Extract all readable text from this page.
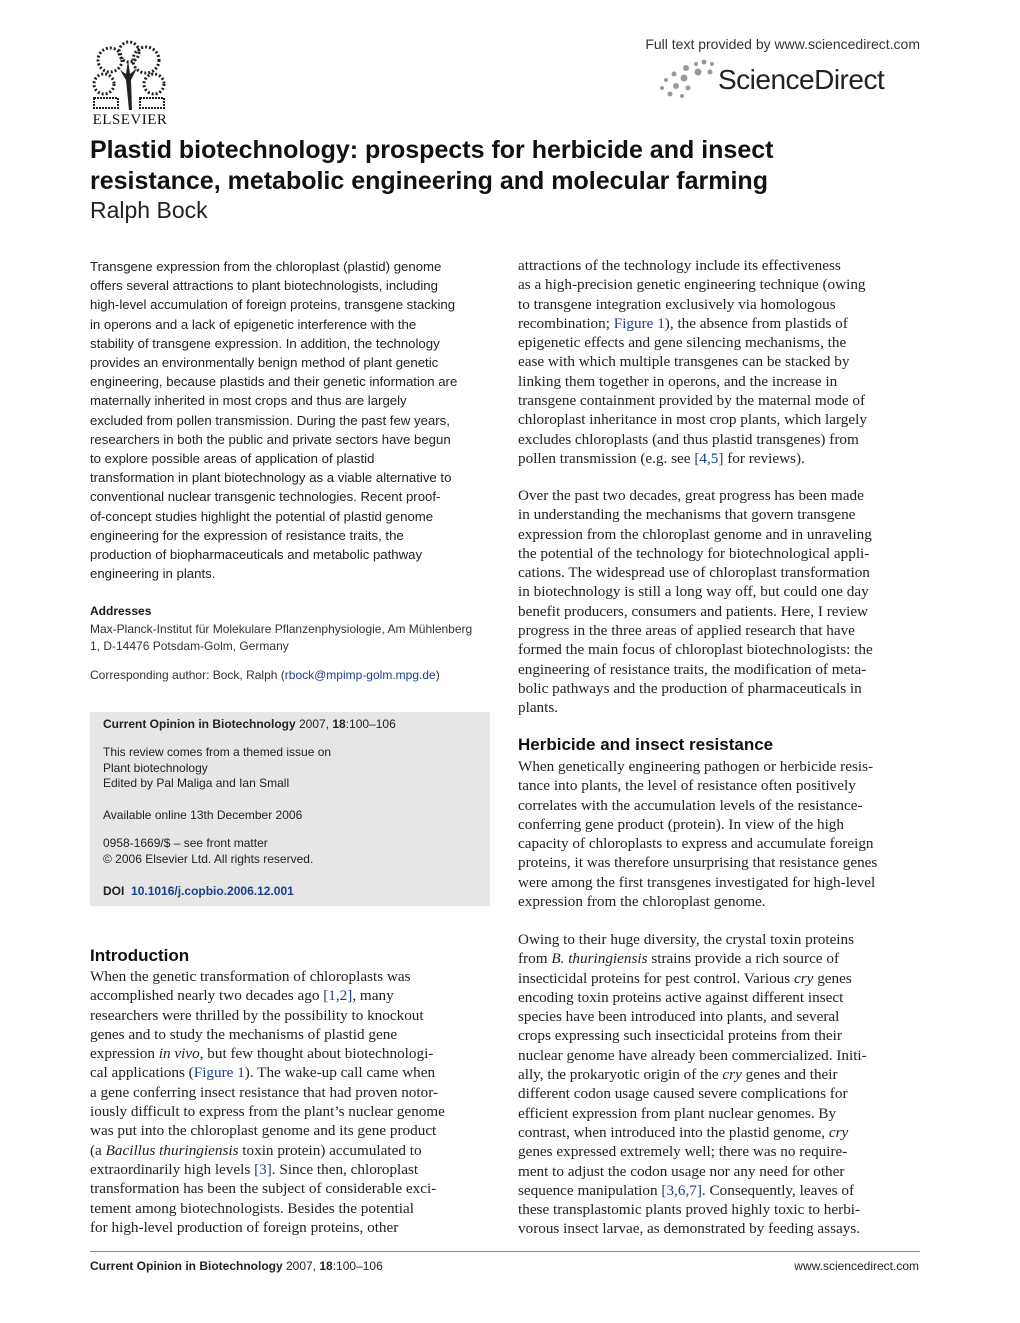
ELSEVIER
Full text provided by www.sciencedirect.com
ScienceDirect
Plastid biotechnology: prospects for herbicide and insect
resistance, metabolic engineering and molecular farming
Ralph Bock
Transgene expression from the chloroplast (plastid) genome
offers several attractions to plant biotechnologists, including
high-level accumulation of foreign proteins, transgene stacking
in operons and a lack of epigenetic interference with the
stability of transgene expression. In addition, the technology
provides an environmentally benign method of plant genetic
engineering, because plastids and their genetic information are
maternally inherited in most crops and thus are largely
excluded from pollen transmission. During the past few years,
researchers in both the public and private sectors have begun
to explore possible areas of application of plastid
transformation in plant biotechnology as a viable alternative to
conventional nuclear transgenic technologies. Recent proof-
of-concept studies highlight the potential of plastid genome
engineering for the expression of resistance traits, the
production of biopharmaceuticals and metabolic pathway
engineering in plants.
Addresses
Max-Planck-Institut für Molekulare Pflanzenphysiologie, Am Mühlenberg
1, D-14476 Potsdam-Golm, Germany
Corresponding author: Bock, Ralph (rbock@mpimp-golm.mpg.de)
Current Opinion in Biotechnology 2007, 18:100–106
This review comes from a themed issue on
Plant biotechnology
Edited by Pal Maliga and Ian Small
Available online 13th December 2006
0958-1669/$ – see front matter
© 2006 Elsevier Ltd. All rights reserved.
DOI 10.1016/j.copbio.2006.12.001
Introduction
When the genetic transformation of chloroplasts was
accomplished nearly two decades ago [1,2], many
researchers were thrilled by the possibility to knockout
genes and to study the mechanisms of plastid gene
expression in vivo, but few thought about biotechnologi-
cal applications (Figure 1). The wake-up call came when
a gene conferring insect resistance that had proven notor-
iously difficult to express from the plant’s nuclear genome
was put into the chloroplast genome and its gene product
(a Bacillus thuringiensis toxin protein) accumulated to
extraordinarily high levels [3]. Since then, chloroplast
transformation has been the subject of considerable exci-
tement among biotechnologists. Besides the potential
for high-level production of foreign proteins, other
attractions of the technology include its effectiveness
as a high-precision genetic engineering technique (owing
to transgene integration exclusively via homologous
recombination; Figure 1), the absence from plastids of
epigenetic effects and gene silencing mechanisms, the
ease with which multiple transgenes can be stacked by
linking them together in operons, and the increase in
transgene containment provided by the maternal mode of
chloroplast inheritance in most crop plants, which largely
excludes chloroplasts (and thus plastid transgenes) from
pollen transmission (e.g. see [4,5] for reviews).
Over the past two decades, great progress has been made
in understanding the mechanisms that govern transgene
expression from the chloroplast genome and in unraveling
the potential of the technology for biotechnological appli-
cations. The widespread use of chloroplast transformation
in biotechnology is still a long way off, but could one day
benefit producers, consumers and patients. Here, I review
progress in the three areas of applied research that have
formed the main focus of chloroplast biotechnologists: the
engineering of resistance traits, the modification of meta-
bolic pathways and the production of pharmaceuticals in
plants.
Herbicide and insect resistance
When genetically engineering pathogen or herbicide resis-
tance into plants, the level of resistance often positively
correlates with the accumulation levels of the resistance-
conferring gene product (protein). In view of the high
capacity of chloroplasts to express and accumulate foreign
proteins, it was therefore unsurprising that resistance genes
were among the first transgenes investigated for high-level
expression from the chloroplast genome.
Owing to their huge diversity, the crystal toxin proteins
from B. thuringiensis strains provide a rich source of
insecticidal proteins for pest control. Various cry genes
encoding toxin proteins active against different insect
species have been introduced into plants, and several
crops expressing such insecticidal proteins from their
nuclear genome have already been commercialized. Initi-
ally, the prokaryotic origin of the cry genes and their
different codon usage caused severe complications for
efficient expression from plant nuclear genomes. By
contrast, when introduced into the plastid genome, cry
genes expressed extremely well; there was no require-
ment to adjust the codon usage nor any need for other
sequence manipulation [3,6,7]. Consequently, leaves of
these transplastomic plants proved highly toxic to herbi-
vorous insect larvae, as demonstrated by feeding assays.
Current Opinion in Biotechnology 2007, 18:100–106	www.sciencedirect.com
